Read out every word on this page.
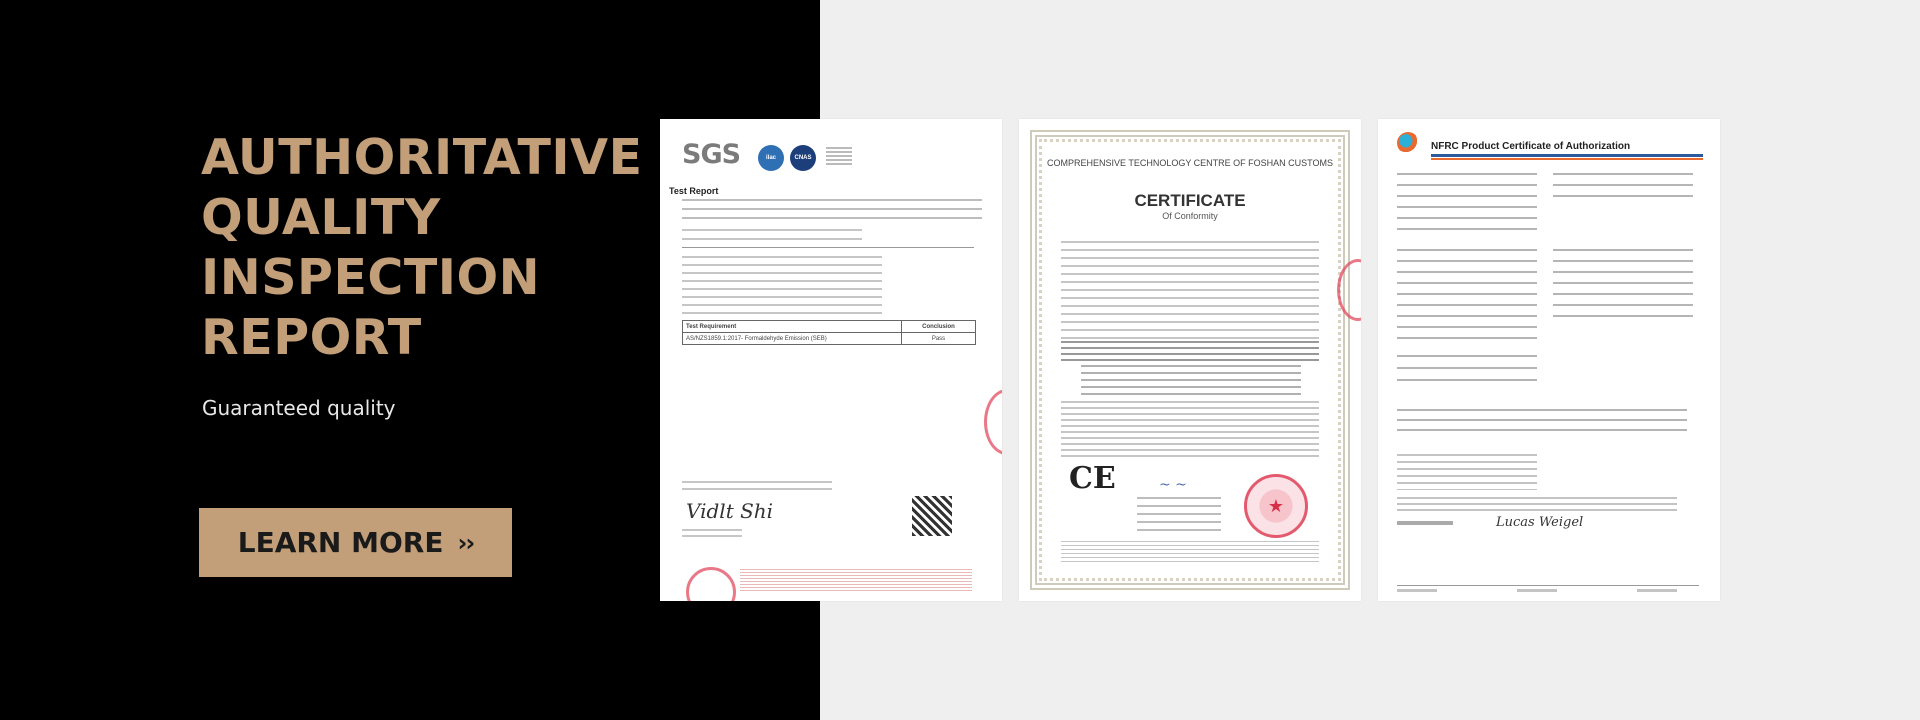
AUTHORITATIVE
QUALITY
INSPECTION
REPORT
Guaranteed quality
LEARN MORE ››
SGS	ilac	CNAS
Test Report
Test Requirement	Conclusion
AS/NZS1859.1:2017- Formaldehyde Emission (SEB)	Pass
Vidlt Shi
COMPREHENSIVE TECHNOLOGY CENTRE OF FOSHAN CUSTOMS
CERTIFICATE
Of Conformity
CE	~ ~
★
NFRC Product Certificate of Authorization
Lucas Weigel
